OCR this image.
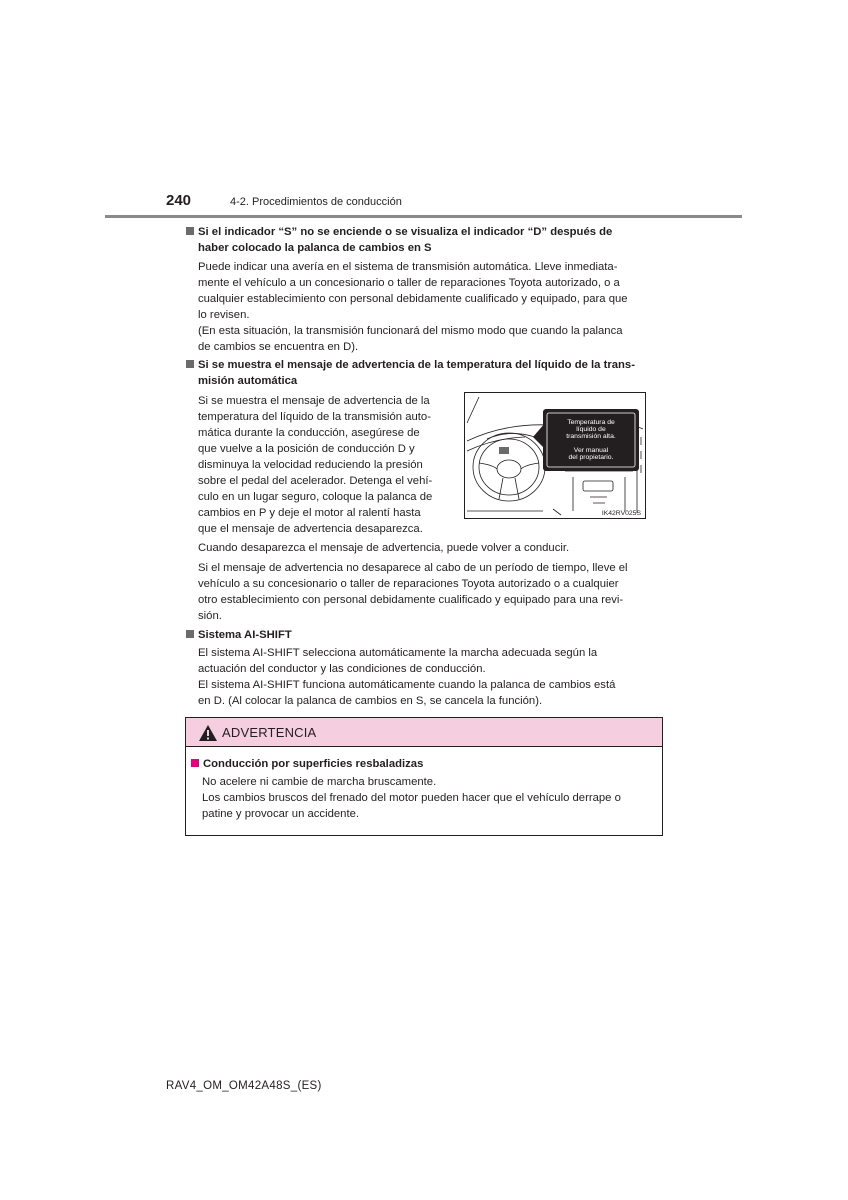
240	4-2. Procedimientos de conducción
Si el indicador “S” no se enciende o se visualiza el indicador “D” después de
haber colocado la palanca de cambios en S

Puede indicar una avería en el sistema de transmisión automática. Lleve inmediata-

mente el vehículo a un concesionario o taller de reparaciones Toyota autorizado, o a

cualquier establecimiento con personal debidamente cualificado y equipado, para que

lo revisen.

(En esta situación, la transmisión funcionará del mismo modo que cuando la palanca

de cambios se encuentra en D).

Si se muestra el mensaje de advertencia de la temperatura del líquido de la trans-
misión automática

Si se muestra el mensaje de advertencia de la

temperatura del líquido de la transmisión auto-

mática durante la conducción, asegúrese de

que vuelve a la posición de conducción D y

disminuya la velocidad reduciendo la presión

sobre el pedal del acelerador. Detenga el vehí-

culo en un lugar seguro, coloque la palanca de

cambios en P y deje el motor al ralentí hasta

que el mensaje de advertencia desaparezca.

Temperatura de
líquido de
transmisión alta.
Ver manual
del propietario.
IK42RV025S
Cuando desaparezca el mensaje de advertencia, puede volver a conducir.

Si el mensaje de advertencia no desaparece al cabo de un período de tiempo, lleve el

vehículo a su concesionario o taller de reparaciones Toyota autorizado o a cualquier

otro establecimiento con personal debidamente cualificado y equipado para una revi-

sión.

Sistema AI-SHIFT

El sistema AI-SHIFT selecciona automáticamente la marcha adecuada según la

actuación del conductor y las condiciones de conducción.

El sistema AI-SHIFT funciona automáticamente cuando la palanca de cambios está

en D. (Al colocar la palanca de cambios en S, se cancela la función).

ADVERTENCIA
Conducción por superficies resbaladizas

No acelere ni cambie de marcha bruscamente.

Los cambios bruscos del frenado del motor pueden hacer que el vehículo derrape o

patine y provocar un accidente.

RAV4_OM_OM42A48S_(ES)
